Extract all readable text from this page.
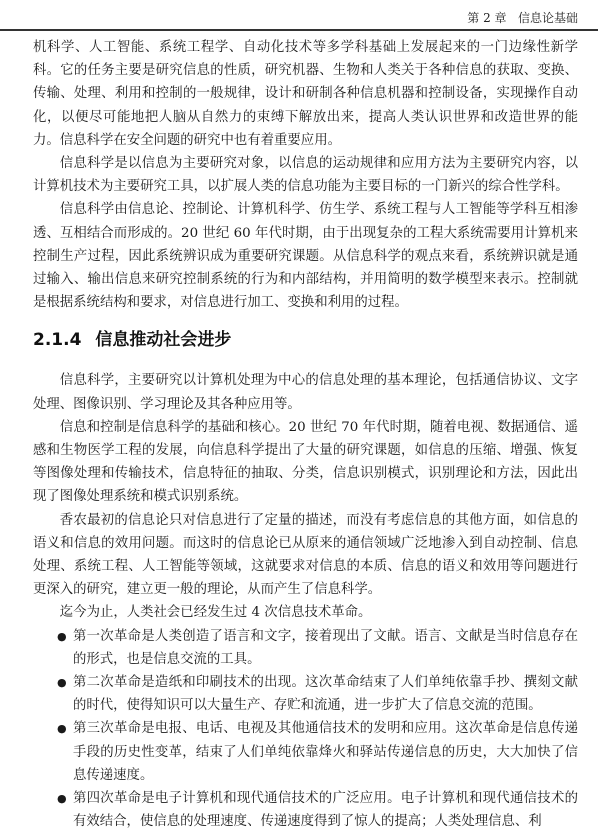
第 2 章 信息论基础

机科学、人工智能、系统工程学、自动化技术等多学科基础上发展起来的一门边缘性新学科。它的任务主要是研究信息的性质，研究机器、生物和人类关于各种信息的获取、变换、传输、处理、利用和控制的一般规律，设计和研制各种信息机器和控制设备，实现操作自动化，以便尽可能地把人脑从自然力的束缚下解放出来，提高人类认识世界和改造世界的能力。信息科学在安全问题的研究中也有着重要应用。

信息科学是以信息为主要研究对象，以信息的运动规律和应用方法为主要研究内容，以计算机技术为主要研究工具，以扩展人类的信息功能为主要目标的一门新兴的综合性学科。

信息科学由信息论、控制论、计算机科学、仿生学、系统工程与人工智能等学科互相渗透、互相结合而形成的。20 世纪 60 年代时期，由于出现复杂的工程大系统需要用计算机来控制生产过程，因此系统辨识成为重要研究课题。从信息科学的观点来看，系统辨识就是通过输入、输出信息来研究控制系统的行为和内部结构，并用简明的数学模型来表示。控制就是根据系统结构和要求，对信息进行加工、变换和利用的过程。

2.1.4 信息推动社会进步

信息科学，主要研究以计算机处理为中心的信息处理的基本理论，包括通信协议、文字处理、图像识别、学习理论及其各种应用等。

信息和控制是信息科学的基础和核心。20 世纪 70 年代时期，随着电视、数据通信、遥感和生物医学工程的发展，向信息科学提出了大量的研究课题，如信息的压缩、增强、恢复等图像处理和传输技术，信息特征的抽取、分类，信息识别模式，识别理论和方法，因此出现了图像处理系统和模式识别系统。

香农最初的信息论只对信息进行了定量的描述，而没有考虑信息的其他方面，如信息的语义和信息的效用问题。而这时的信息论已从原来的通信领域广泛地渗入到自动控制、信息处理、系统工程、人工智能等领域，这就要求对信息的本质、信息的语义和效用等问题进行更深入的研究，建立更一般的理论，从而产生了信息科学。

迄今为止，人类社会已经发生过 4 次信息技术革命。

● 第一次革命是人类创造了语言和文字，接着现出了文献。语言、文献是当时信息存在的形式，也是信息交流的工具。
● 第二次革命是造纸和印刷技术的出现。这次革命结束了人们单纯依靠手抄、撰刻文献的时代，使得知识可以大量生产、存贮和流通，进一步扩大了信息交流的范围。
● 第三次革命是电报、电话、电视及其他通信技术的发明和应用。这次革命是信息传递手段的历史性变革，结束了人们单纯依靠烽火和驿站传递信息的历史，大大加快了信息传递速度。
● 第四次革命是电子计算机和现代通信技术的广泛应用。电子计算机和现代通信技术的有效结合，使信息的处理速度、传递速度得到了惊人的提高；人类处理信息、利
